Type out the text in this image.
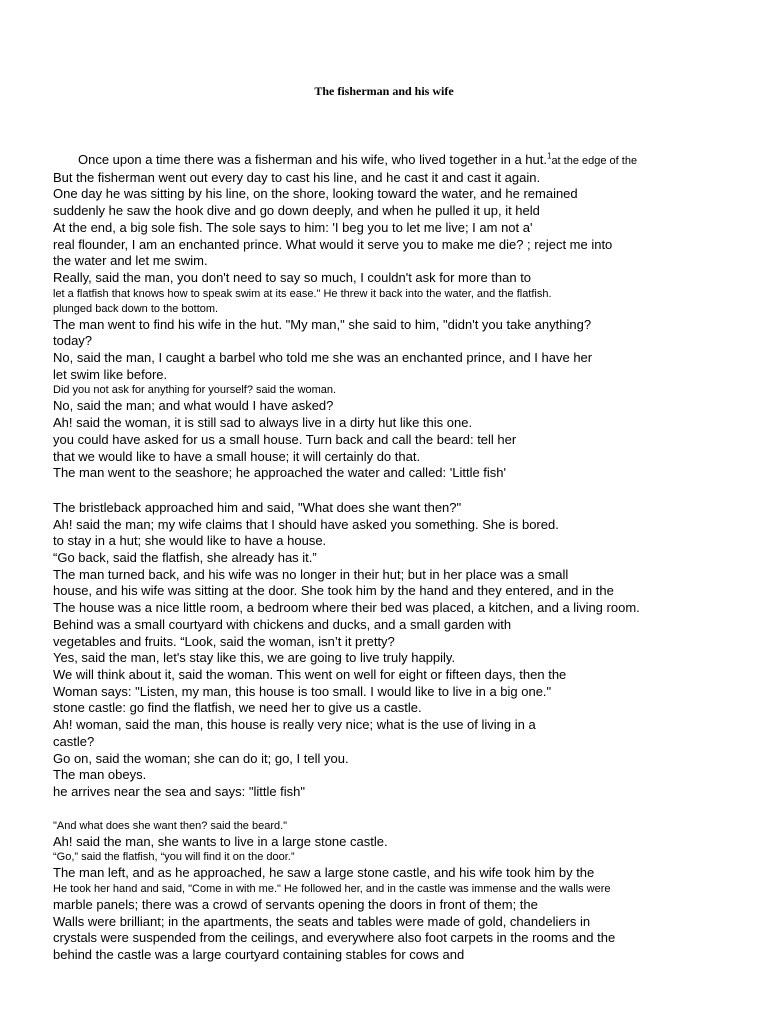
The fisherman and his wife
Once upon a time there was a fisherman and his wife, who lived together in a hut.$^1$at the edge of the
But the fisherman went out every day to cast his line, and he cast it and cast it again.
One day he was sitting by his line, on the shore, looking toward the water, and he remained
suddenly he saw the hook dive and go down deeply, and when he pulled it up, it held
At the end, a big sole fish. The sole says to him: 'I beg you to let me live; I am not a'
real flounder, I am an enchanted prince. What would it serve you to make me die? ; reject me into
the water and let me swim.
Really, said the man, you don't need to say so much, I couldn't ask for more than to
let a flatfish that knows how to speak swim at its ease." He threw it back into the water, and the flatfish.
plunged back down to the bottom.
The man went to find his wife in the hut. "My man," she said to him, "didn't you take anything?
today?
No, said the man, I caught a barbel who told me she was an enchanted prince, and I have her
let swim like before.
Did you not ask for anything for yourself? said the woman.
No, said the man; and what would I have asked?
Ah! said the woman, it is still sad to always live in a dirty hut like this one.
you could have asked for us a small house. Turn back and call the beard: tell her
that we would like to have a small house; it will certainly do that.
The man went to the seashore; he approached the water and called: 'Little fish'
The bristleback approached him and said, "What does she want then?"
Ah! said the man; my wife claims that I should have asked you something. She is bored.
to stay in a hut; she would like to have a house.
“Go back, said the flatfish, she already has it.”
The man turned back, and his wife was no longer in their hut; but in her place was a small
house, and his wife was sitting at the door. She took him by the hand and they entered, and in the
The house was a nice little room, a bedroom where their bed was placed, a kitchen, and a living room.
Behind was a small courtyard with chickens and ducks, and a small garden with
vegetables and fruits. “Look, said the woman, isn’t it pretty?
Yes, said the man, let's stay like this, we are going to live truly happily.
We will think about it, said the woman. This went on well for eight or fifteen days, then the
Woman says: "Listen, my man, this house is too small. I would like to live in a big one."
stone castle: go find the flatfish, we need her to give us a castle.
Ah! woman, said the man, this house is really very nice; what is the use of living in a
castle?
Go on, said the woman; she can do it; go, I tell you.
The man obeys.
he arrives near the sea and says: "little fish"
"And what does she want then? said the beard."
Ah! said the man, she wants to live in a large stone castle.
“Go,” said the flatfish, “you will find it on the door.”
The man left, and as he approached, he saw a large stone castle, and his wife took him by the
He took her hand and said, "Come in with me." He followed her, and in the castle was immense and the walls were
marble panels; there was a crowd of servants opening the doors in front of them; the
Walls were brilliant; in the apartments, the seats and tables were made of gold, chandeliers in
crystals were suspended from the ceilings, and everywhere also foot carpets in the rooms and the
behind the castle was a large courtyard containing stables for cows and
